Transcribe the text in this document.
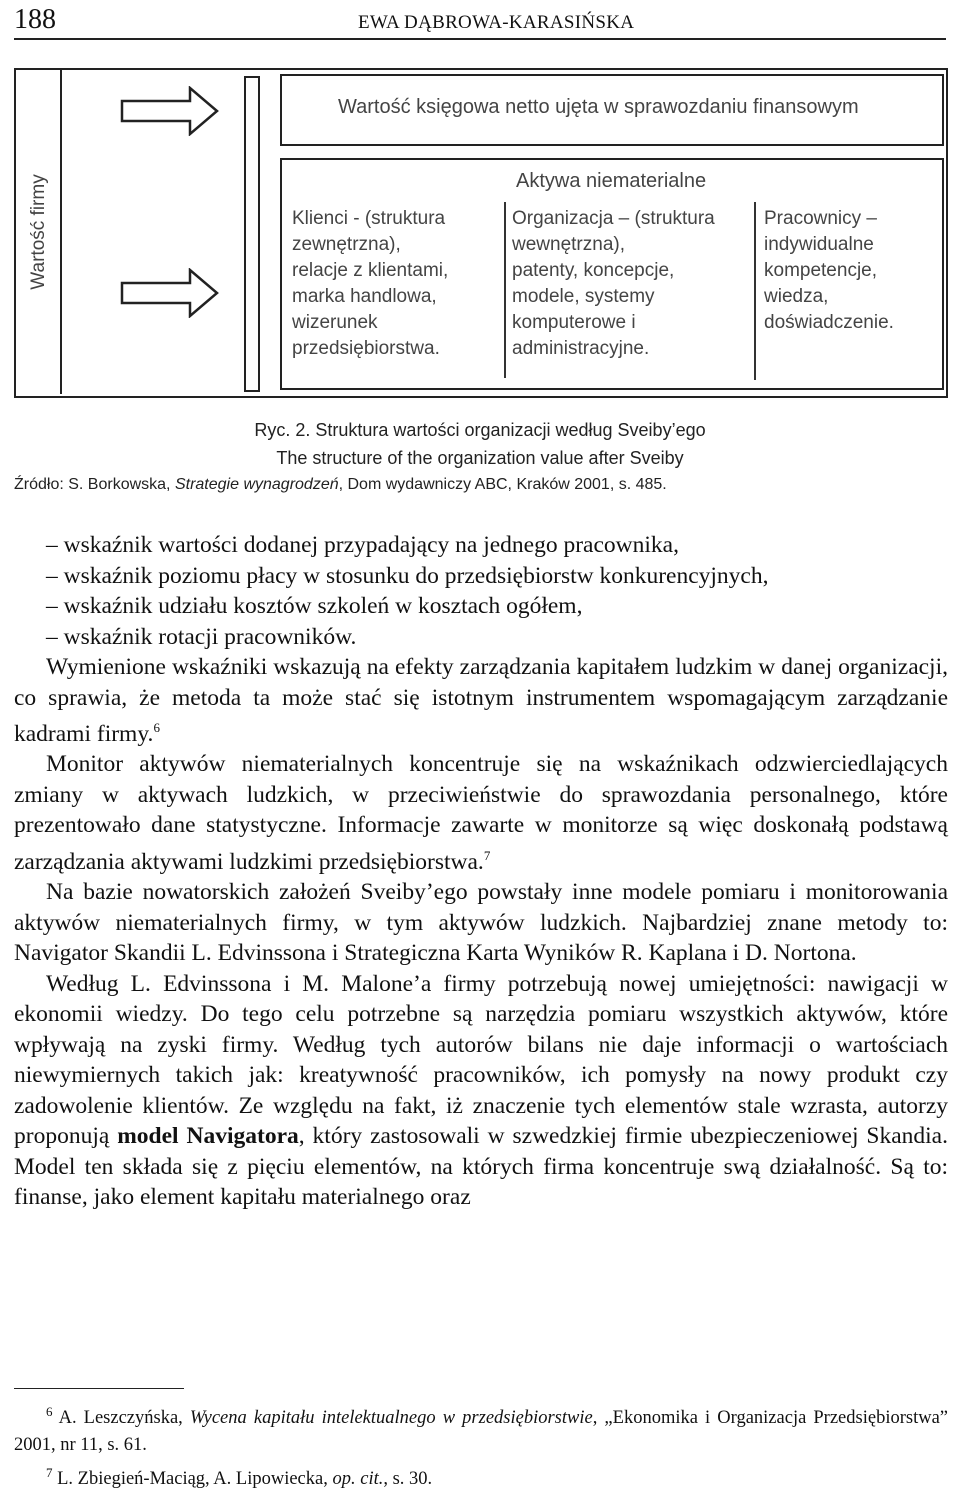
188	EWA DĄBROWA-KARASIŃSKA
Wartość firmy
Wartość księgowa netto ujęta w sprawozdaniu finansowym
Aktywa niematerialne
Klienci - (struktura
zewnętrzna),
relacje z klientami,
marka handlowa,
wizerunek
przedsiębiorstwa.
Organizacja – (struktura
wewnętrzna),
patenty, koncepcje,
modele, systemy
komputerowe i
administracyjne.
Pracownicy –
indywidualne
kompetencje,
wiedza,
doświadczenie.
Ryc. 2. Struktura wartości organizacji według Sveiby’ego
The structure of the organization value after Sveiby
Źródło: S. Borkowska, Strategie wynagrodzeń, Dom wydawniczy ABC, Kraków 2001, s. 485.

– wskaźnik wartości dodanej przypadający na jednego pracownika,

– wskaźnik poziomu płacy w stosunku do przedsiębiorstw konkurencyjnych,

– wskaźnik udziału kosztów szkoleń w kosztach ogółem,

– wskaźnik rotacji pracowników.

Wymienione wskaźniki wskazują na efekty zarządzania kapitałem ludzkim w danej organizacji, co sprawia, że metoda ta może stać się istotnym instrumentem wspomagającym zarządzanie kadrami firmy.$^6$

Monitor aktywów niematerialnych koncentruje się na wskaźnikach odzwierciedlających zmiany w aktywach ludzkich, w przeciwieństwie do sprawozdania personalnego, które prezentowało dane statystyczne. Informacje zawarte w monitorze są więc doskonałą podstawą zarządzania aktywami ludzkimi przedsiębiorstwa.$^7$

Na bazie nowatorskich założeń Sveiby’ego powstały inne modele pomiaru i monitorowania aktywów niematerialnych firmy, w tym aktywów ludzkich. Najbardziej znane metody to: Navigator Skandii L. Edvinssona i Strategiczna Karta Wyników R. Kaplana i D. Nortona.

Według L. Edvinssona i M. Malone’a firmy potrzebują nowej umiejętności: nawigacji w ekonomii wiedzy. Do tego celu potrzebne są narzędzia pomiaru wszystkich aktywów, które wpływają na zyski firmy. Według tych autorów bilans nie daje informacji o wartościach niewymiernych takich jak: kreatywność pracowników, ich pomysły na nowy produkt czy zadowolenie klientów. Ze względu na fakt, iż znaczenie tych elementów stale wzrasta, autorzy proponują model Navigatora, który zastosowali w szwedzkiej firmie ubezpieczeniowej Skandia. Model ten składa się z pięciu elementów, na których firma koncentruje swą działalność. Są to: finanse, jako element kapitału materialnego oraz

$^6$ A. Leszczyńska, Wycena kapitału intelektualnego w przedsiębiorstwie, „Ekonomika i Organizacja Przedsiębiorstwa” 2001, nr 11, s. 61.

$^7$ L. Zbiegień-Maciąg, A. Lipowiecka, op. cit., s. 30.
